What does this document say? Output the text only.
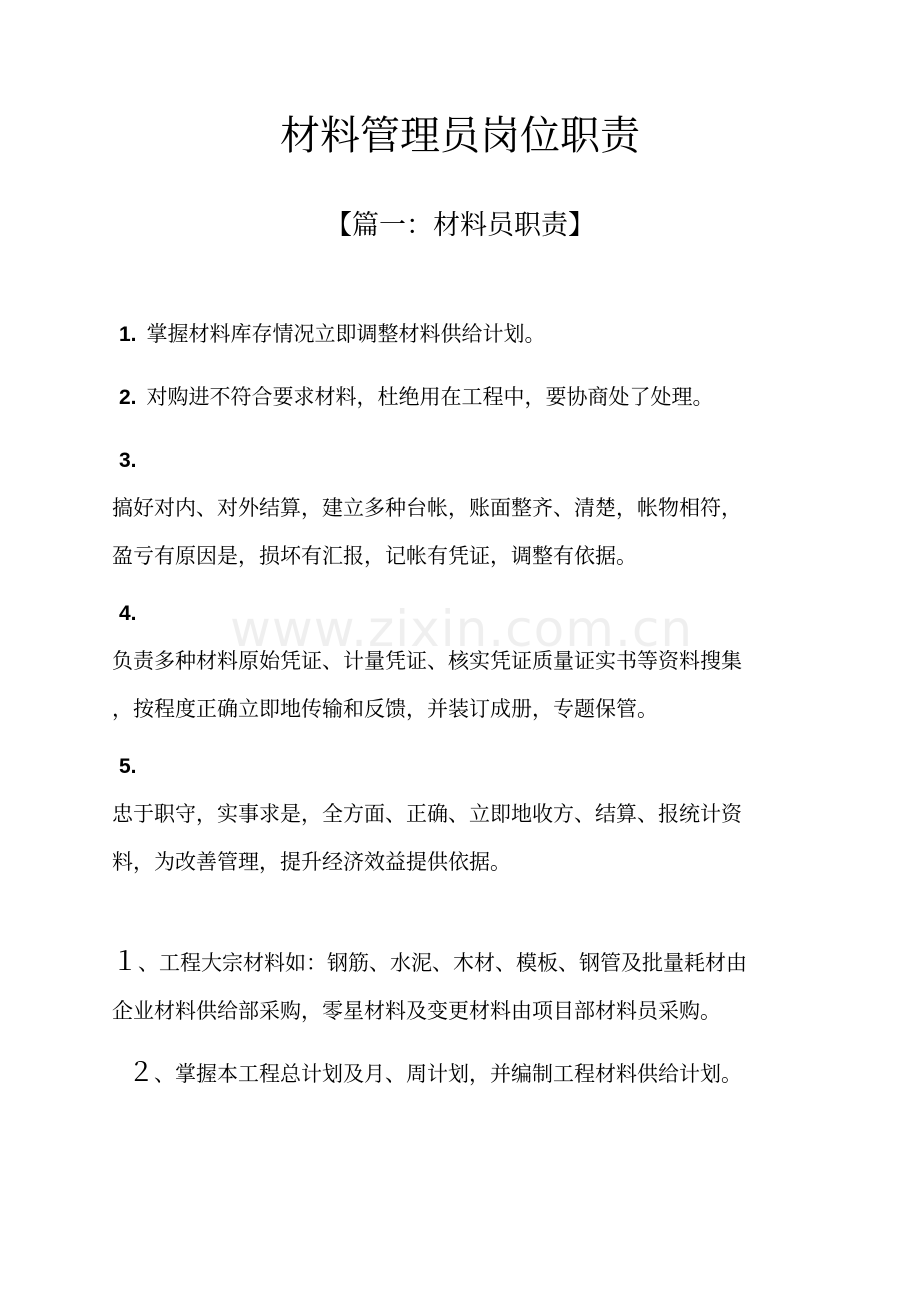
材料管理员岗位职责
【篇一：材料员职责】
www.zixin.com.cn
1. 掌握材料库存情况立即调整材料供给计划。
2. 对购进不符合要求材料，杜绝用在工程中，要协商处了处理。
3.
搞好对内、对外结算，建立多种台帐，账面整齐、清楚，帐物相符，
盈亏有原因是，损坏有汇报，记帐有凭证，调整有依据。
4.
负责多种材料原始凭证、计量凭证、核实凭证质量证实书等资料搜集
，按程度正确立即地传输和反馈，并装订成册，专题保管。
5.
忠于职守，实事求是，全方面、正确、立即地收方、结算、报统计资
料，为改善管理，提升经济效益提供依据。
１、工程大宗材料如：钢筋、水泥、木材、模板、钢管及批量耗材由
企业材料供给部采购，零星材料及变更材料由项目部材料员采购。
２、掌握本工程总计划及月、周计划，并编制工程材料供给计划。
